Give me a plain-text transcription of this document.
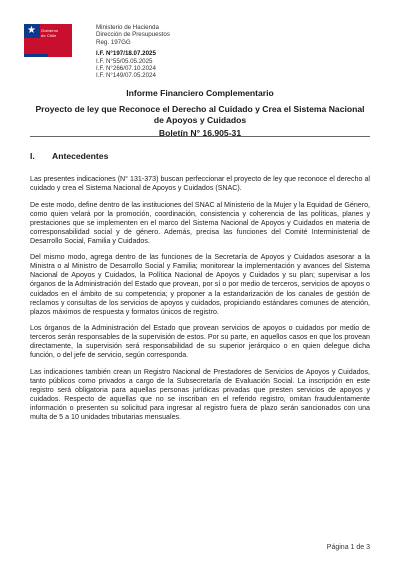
★ Gobierno
de Chile
Ministerio de Hacienda
Dirección de Presupuestos
Reg. 197GG
I.F. N°197/18.07.2025
I.F. N°55/05.05.2025
I.F. N°266/07.10.2024
I.F. N°149/07.05.2024
Informe Financiero Complementario
Proyecto de ley que Reconoce el Derecho al Cuidado y Crea el Sistema Nacional de Apoyos y Cuidados
Boletín N° 16.905-31
I. Antecedentes

Las presentes indicaciones (N° 131-373) buscan perfeccionar el proyecto de ley que reconoce el derecho al cuidado y crea el Sistema Nacional de Apoyos y Cuidados (SNAC).

De este modo, define dentro de las instituciones del SNAC al Ministerio de la Mujer y la Equidad de Género, como quien velará por la promoción, coordinación, consistencia y coherencia de las políticas, planes y prestaciones que se implementen en el marco del Sistema Nacional de Apoyos y Cuidados en materia de corresponsabilidad social y de género. Además, precisa las funciones del Comité Interministerial de Desarrollo Social, Familia y Cuidados.

Del mismo modo, agrega dentro de las funciones de la Secretaría de Apoyos y Cuidados asesorar a la Ministra o al Ministro de Desarrollo Social y Familia; monitorear la implementación y avances del Sistema Nacional de Apoyos y Cuidados, la Política Nacional de Apoyos y Cuidados y su plan; supervisar a los órganos de la Administración del Estado que provean, por sí o por medio de terceros, servicios de apoyos o cuidados en el ámbito de su competencia; y proponer a la estandarización de los canales de gestión de reclamos y consultas de los servicios de apoyos y cuidados, propiciando estándares comunes de atención, plazos máximos de respuesta y formatos únicos de registro.

Los órganos de la Administración del Estado que provean servicios de apoyos o cuidados por medio de terceros serán responsables de la supervisión de estos. Por su parte, en aquellos casos en que los provean directamente, la supervisión será responsabilidad de su superior jerárquico o en quien delegue dicha función, o del jefe de servicio, según corresponda.

Las indicaciones también crean un Registro Nacional de Prestadores de Servicios de Apoyos y Cuidados, tanto públicos como privados a cargo de la Subsecretaría de Evaluación Social. La inscripción en este registro será obligatoria para aquellas personas jurídicas privadas que presten servicios de apoyos y cuidados. Respecto de aquellas que no se inscriban en el referido registro, omitan fraudulentamente información o presenten su solicitud para ingresar al registro fuera de plazo serán sancionados con una multa de 5 a 10 unidades tributarias mensuales.

Página 1 de 3
